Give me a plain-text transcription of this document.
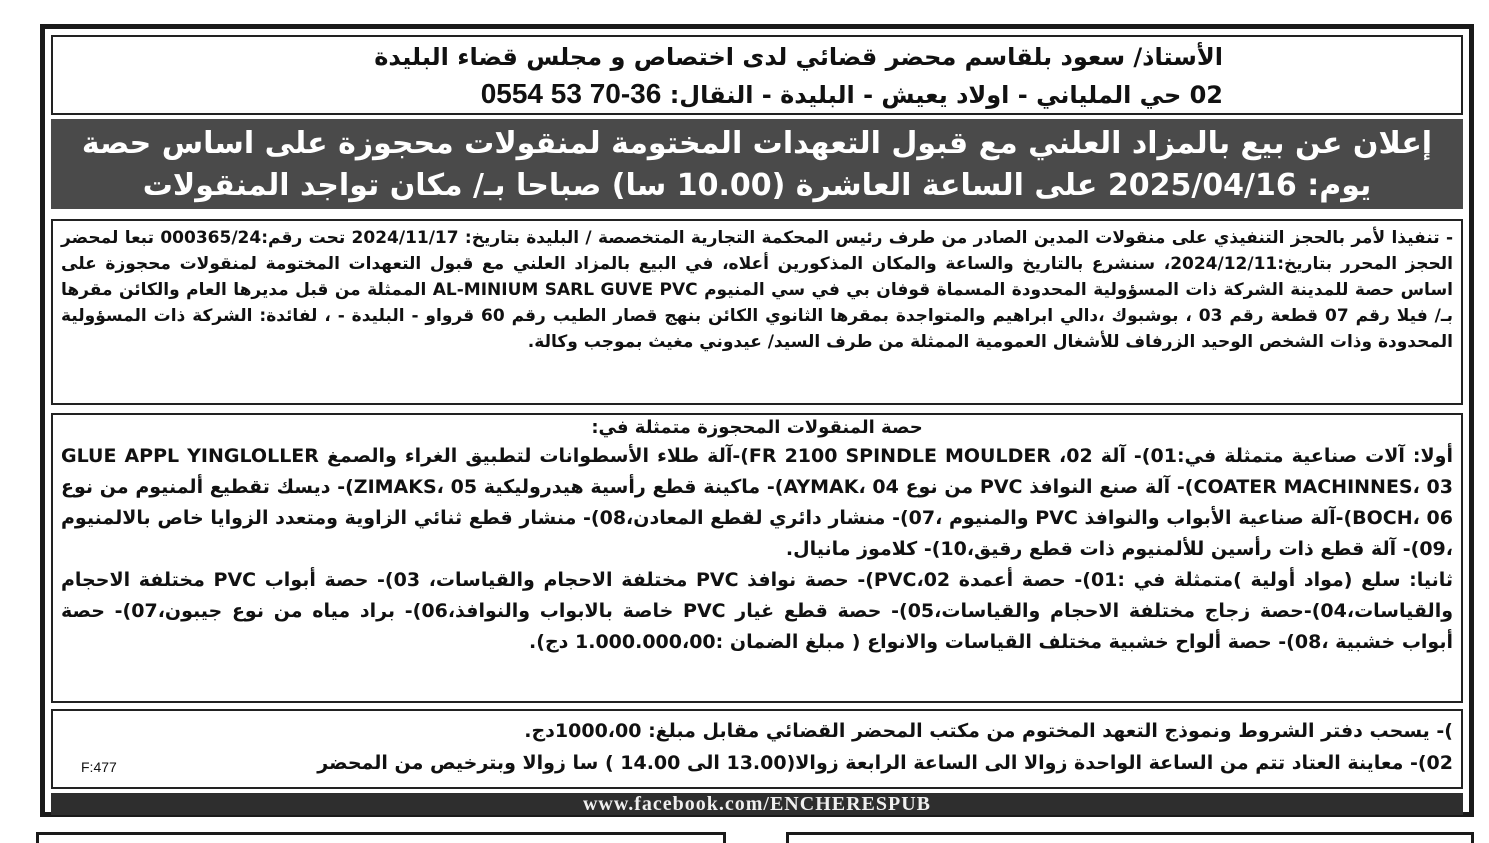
الأستاذ/ سعود بلقاسم محضر قضائي لدى اختصاص و مجلس قضاء البليدة
02 حي الملياني - اولاد يعيش - البليدة - النقال: 0554 53 70-36
إعلان عن بيع بالمزاد العلني مع قبول التعهدات المختومة لمنقولات محجوزة على اساس حصة
يوم: 2025/04/16 على الساعة العاشرة (10.00 سا) صباحا بـ/ مكان تواجد المنقولات
- تنفيذا لأمر بالحجز التنفيذي على منقولات المدين الصادر من طرف رئيس المحكمة التجارية المتخصصة / البليدة بتاريخ: 2024/11/17 تحت رقم:000365/24 تبعا لمحضر الحجز المحرر بتاريخ:2024/12/11، سنشرع بالتاريخ والساعة والمكان المذكورين أعلاه، في البيع بالمزاد العلني مع قبول التعهدات المختومة لمنقولات محجوزة على اساس حصة للمدينة الشركة ذات المسؤولية المحدودة المسماة قوفان بي في سي المنيوم AL-MINIUM SARL GUVE PVC الممثلة من قبل مديرها العام والكائن مقرها بـ/ فيلا رقم 07 قطعة رقم 03 ، بوشبوك ،دالي ابراهيم والمتواجدة بمقرها الثانوي الكائن بنهج قصار الطيب رقم 60 قرواو - البليدة - ، لفائدة: الشركة ذات المسؤولية المحدودة وذات الشخص الوحيد الزرفاف للأشغال العمومية الممثلة من طرف السيد/ عيدوني مغيث بموجب وكالة.
حصة المنقولات المحجوزة متمثلة في:

أولا: آلات صناعية متمثلة في:01)- آلة 02، FR 2100 SPINDLE MOULDER)-آلة طلاء الأسطوانات لتطبيق الغراء والصمغ GLUE APPL YINGLOLLER COATER MACHINNES، 03)- آلة صنع النوافذ PVC من نوع AYMAK، 04)- ماكينة قطع رأسية هيدروليكية ZIMAKS، 05)- ديسك تقطيع ألمنيوم من نوع BOCH، 06)-آلة صناعية الأبواب والنوافذ PVC والمنيوم ،07)- منشار دائري لقطع المعادن،08)- منشار قطع ثنائي الزاوية ومتعدد الزوايا خاص بالالمنيوم ،09)- آلة قطع ذات رأسين للألمنيوم ذات قطع رقيق،10)- كلاموز مانيال.

ثانيا: سلع (مواد أولية )متمثلة في :01)- حصة أعمدة PVC،02)- حصة نوافذ PVC مختلفة الاحجام والقياسات، 03)- حصة أبواب PVC مختلفة الاحجام والقياسات،04)-حصة زجاج مختلفة الاحجام والقياسات،05)- حصة قطع غيار PVC خاصة بالابواب والنوافذ،06)- براد مياه من نوع جيبون،07)- حصة أبواب خشبية ،08)- حصة ألواح خشبية مختلف القياسات والانواع ( مبلغ الضمان :1.000.000،00 دج).

)- يسحب دفتر الشروط ونموذج التعهد المختوم من مكتب المحضر القضائي مقابل مبلغ: 1000،00دج.

02)- معاينة العتاد تتم من الساعة الواحدة زوالا الى الساعة الرابعة زوالا(13.00 الى 14.00 ) سا زوالا وبترخيص من المحضر

F:477
www.facebook.com/ENCHERESPUB
